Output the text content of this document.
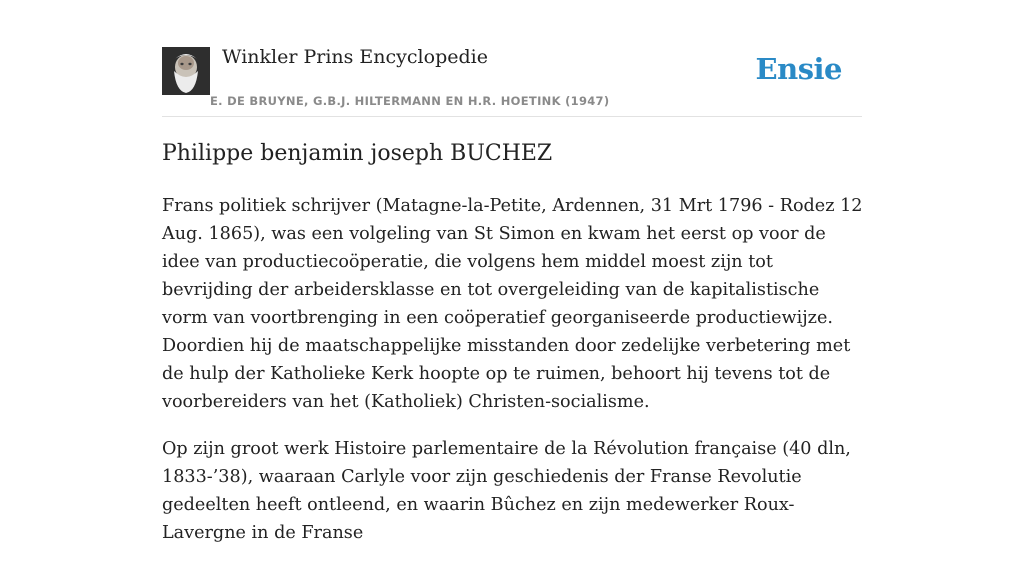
Winkler Prins Encyclopedie
E. DE BRUYNE, G.B.J. HILTERMANN EN H.R. HOETINK (1947)
Ensie
Philippe benjamin joseph BUCHEZ

Frans politiek schrijver (Matagne-la-Petite, Ardennen, 31 Mrt 1796 - Rodez 12 Aug. 1865), was een volgeling van St Simon en kwam het eerst op voor de idee van productiecoöperatie, die volgens hem middel moest zijn tot bevrijding der arbeidersklasse en tot overgeleiding van de kapitalistische vorm van voortbrenging in een coöperatief georganiseerde productiewijze. Doordien hij de maatschappelijke misstanden door zedelijke verbetering met de hulp der Katholieke Kerk hoopte op te ruimen, behoort hij tevens tot de voorbereiders van het (Katholiek) Christen-socialisme.

Op zijn groot werk Histoire parlementaire de la Révolution française (40 dln, 1833-’38), waaraan Carlyle voor zijn geschiedenis der Franse Revolutie gedeelten heeft ontleend, en waarin Bûchez en zijn medewerker Roux-Lavergne in de Franse
